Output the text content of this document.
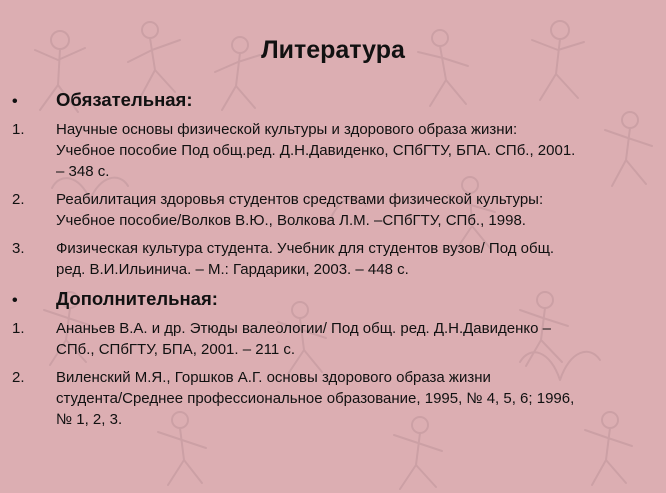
Литература
•	Обязательная:
1.	Научные основы физической культуры и здорового образа жизни:
Учебное пособие Под общ.ред. Д.Н.Давиденко, СПбГТУ, БПА. СПб., 2001.
– 348 с.
2.	Реабилитация здоровья студентов средствами физической культуры:
Учебное пособие/Волков В.Ю., Волкова Л.М. –СПбГТУ, СПб., 1998.
3.	Физическая культура студента. Учебник для студентов вузов/ Под общ.
ред. В.И.Ильинича. – М.: Гардарики, 2003. – 448 с.
•	Дополнительная:
1.	Ананьев В.А. и др. Этюды валеологии/ Под общ. ред. Д.Н.Давиденко –
СПб., СПбГТУ, БПА, 2001. – 211 с.
2.	Виленский М.Я., Горшков А.Г. основы здорового образа жизни
студента/Среднее профессиональное образование, 1995, № 4, 5, 6; 1996,
№ 1, 2, 3.
